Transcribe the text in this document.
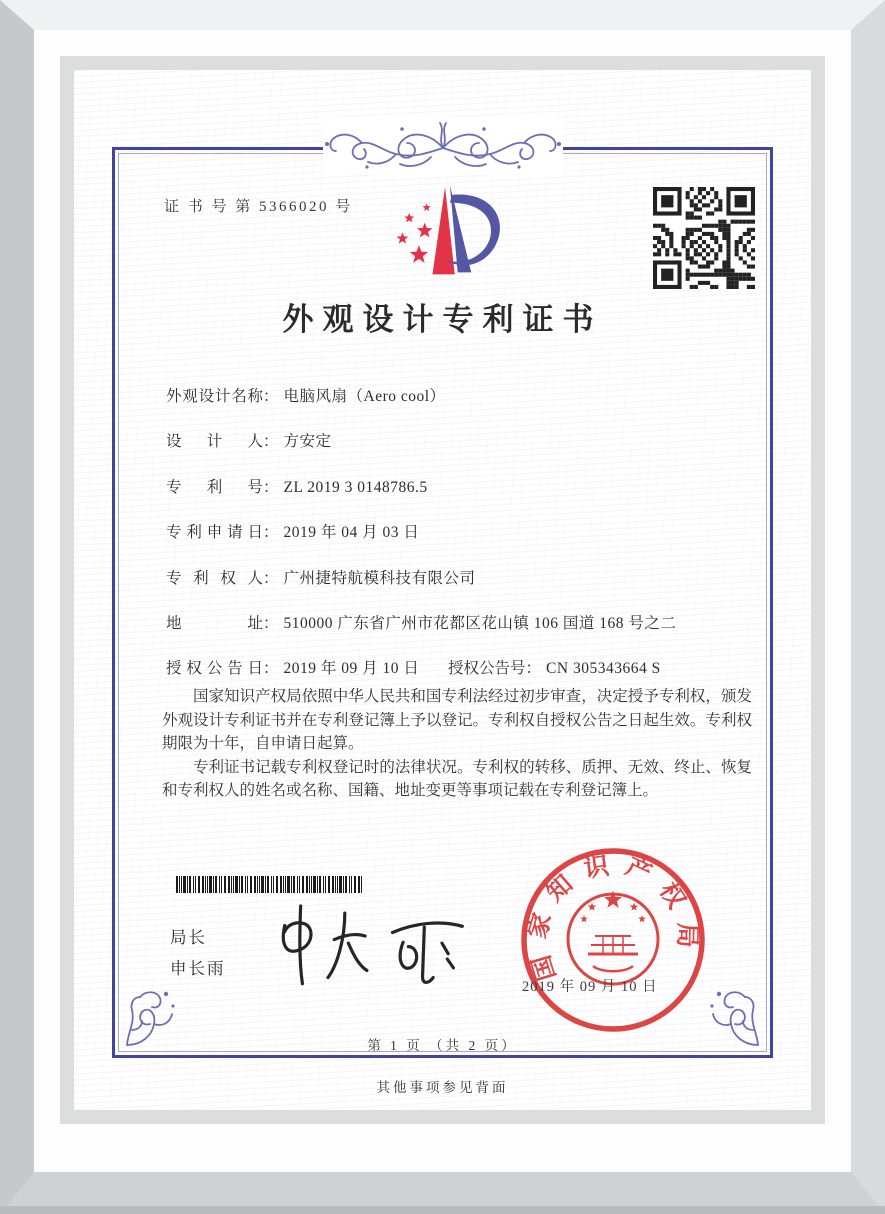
证 书 号 第 5366020 号
外观设计专利证书
外观设计名称： 电脑风扇（Aero cool）
设　计　人： 方安定
专　利　号： ZL 2019 3 0148786.5
专利申请日： 2019 年 04 月 03 日
专 利 权 人： 广州捷特航模科技有限公司
地　　　址： 510000 广东省广州市花都区花山镇 106 国道 168 号之二
授权公告日： 2019 年 09 月 10 日 授权公告号： CN 305343664 S

国家知识产权局依照中华人民共和国专利法经过初步审查，决定授予专利权，颁发外观设计专利证书并在专利登记簿上予以登记。专利权自授权公告之日起生效。专利权期限为十年，自申请日起算。

专利证书记载专利权登记时的法律状况。专利权的转移、质押、无效、终止、恢复和专利权人的姓名或名称、国籍、地址变更等事项记载在专利登记簿上。

局长
申长雨	国家知识产权局
2019 年 09 月 10 日
第 1 页 （共 2 页）
其他事项参见背面
